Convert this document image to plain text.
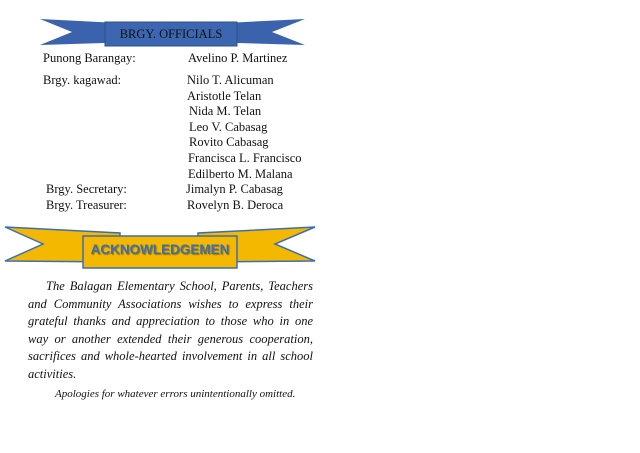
BRGY. OFFICIALS
Punong Barangay:	Avelino P. Martinez
Brgy. kagawad:	Nilo T. Alicuman
Aristotle Telan
Nida M. Telan
Leo V. Cabasag
Rovito Cabasag
Francisca L. Francisco
Edilberto M. Malana
Brgy. Secretary:	Jimalyn P. Cabasag
Brgy. Treasurer:	Rovelyn B. Deroca
ACKNOWLEDGEMEN
The Balagan Elementary School, Parents, Teachers and Community Associations wishes to express their grateful thanks and appreciation to those who in one way or another extended their generous cooperation, sacrifices and whole-hearted involvement in all school activities.
Apologies for whatever errors unintentionally omitted.
